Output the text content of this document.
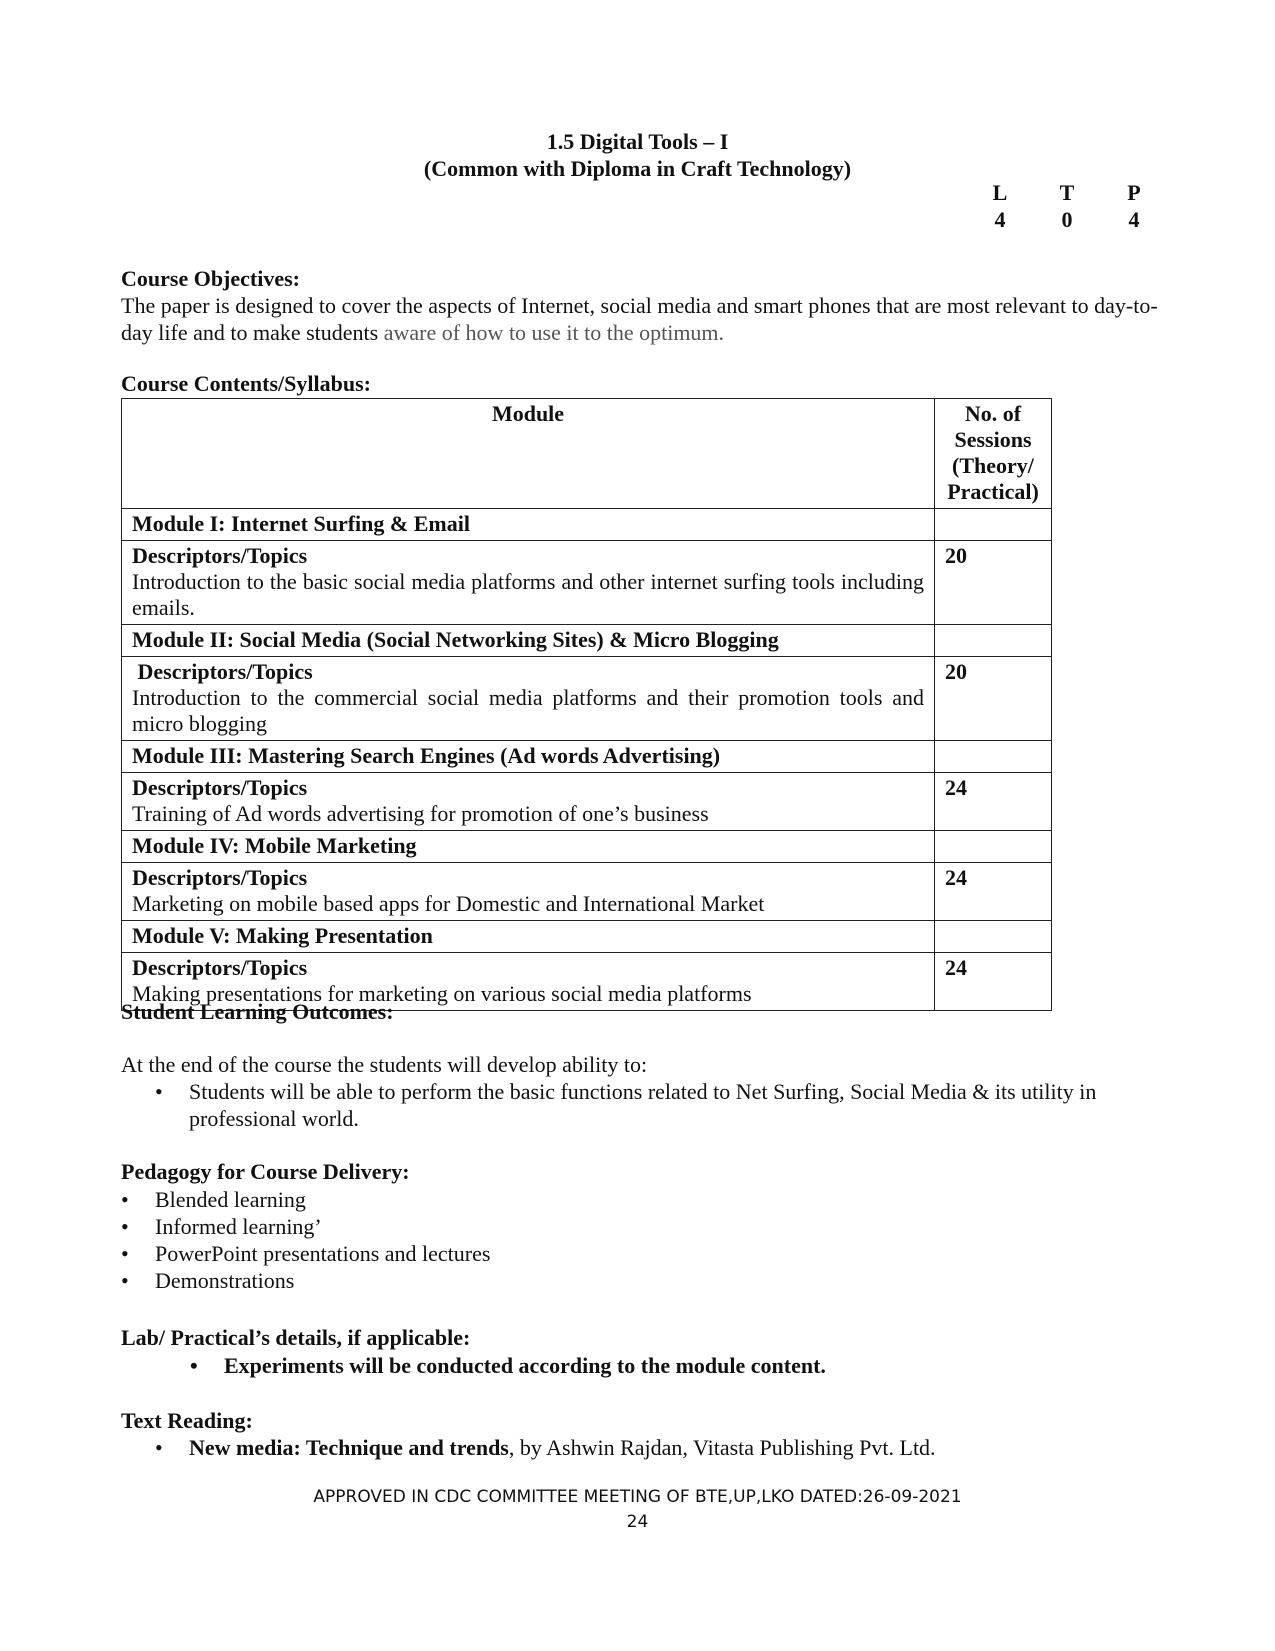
1.5 Digital Tools – I
(Common with Diploma in Craft Technology)
L	T	P
4	0	4
Course Objectives:
The paper is designed to cover the aspects of Internet, social media and smart phones that are most relevant to day-to-day life and to make students aware of how to use it to the optimum.
Course Contents/Syllabus:
Module	No. of Sessions (Theory/ Practical)
Module I: Internet Surfing & Email	

Descriptors/Topics
Introduction to the basic social media platforms and other internet surfing tools including emails.	20
Module II: Social Media (Social Networking Sites) & Micro Blogging	

Descriptors/Topics
Introduction to the commercial social media platforms and their promotion tools and micro blogging	20
Module III: Mastering Search Engines (Ad words Advertising)	

Descriptors/Topics
Training of Ad words advertising for promotion of one’s business	24
Module IV: Mobile Marketing	

Descriptors/Topics
Marketing on mobile based apps for Domestic and International Market	24
Module V: Making Presentation	

Descriptors/Topics
Making presentations for marketing on various social media platforms	24
Student Learning Outcomes:
At the end of the course the students will develop ability to:
• Students will be able to perform the basic functions related to Net Surfing, Social Media & its utility in professional world.
Pedagogy for Course Delivery:
• Blended learning
• Informed learning’
• PowerPoint presentations and lectures
• Demonstrations
Lab/ Practical’s details, if applicable:
• Experiments will be conducted according to the module content.
Text Reading:
• New media: Technique and trends, by Ashwin Rajdan, Vitasta Publishing Pvt. Ltd.
APPROVED IN CDC COMMITTEE MEETING OF BTE,UP,LKO DATED:26-09-2021
24
